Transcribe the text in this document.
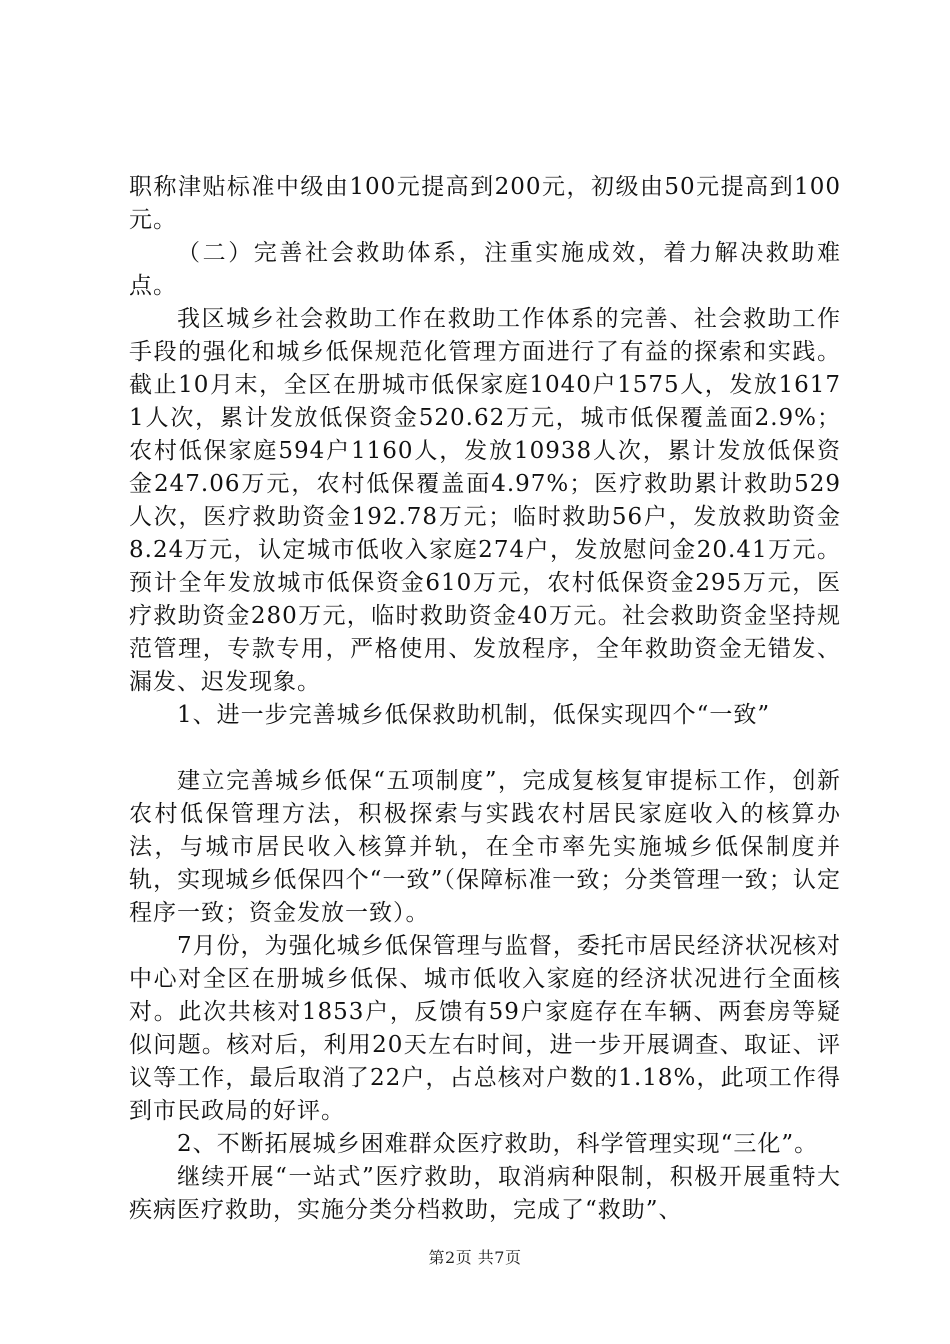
职称津贴标准中级由100元提高到200元，初级由50元提高到100元。

（二）完善社会救助体系，注重实施成效，着力解决救助难点。

我区城乡社会救助工作在救助工作体系的完善、社会救助工作手段的强化和城乡低保规范化管理方面进行了有益的探索和实践。截止10月末，全区在册城市低保家庭1040户1575人，发放16171人次，累计发放低保资金520.62万元，城市低保覆盖面2.9%；农村低保家庭594户1160人，发放10938人次，累计发放低保资金247.06万元，农村低保覆盖面4.97%；医疗救助累计救助529人次，医疗救助资金192.78万元；临时救助56户，发放救助资金8.24万元，认定城市低收入家庭274户，发放慰问金20.41万元。预计全年发放城市低保资金610万元，农村低保资金295万元，医疗救助资金280万元，临时救助资金40万元。社会救助资金坚持规范管理，专款专用，严格使用、发放程序，全年救助资金无错发、漏发、迟发现象。

1、进一步完善城乡低保救助机制，低保实现四个“一致”

建立完善城乡低保“五项制度”，完成复核复审提标工作，创新农村低保管理方法，积极探索与实践农村居民家庭收入的核算办法，与城市居民收入核算并轨，在全市率先实施城乡低保制度并轨，实现城乡低保四个“一致”（保障标准一致；分类管理一致；认定程序一致；资金发放一致）。

7月份，为强化城乡低保管理与监督，委托市居民经济状况核对中心对全区在册城乡低保、城市低收入家庭的经济状况进行全面核对。此次共核对1853户，反馈有59户家庭存在车辆、两套房等疑似问题。核对后，利用20天左右时间，进一步开展调查、取证、评议等工作，最后取消了22户，占总核对户数的1.18%，此项工作得到市民政局的好评。

2、不断拓展城乡困难群众医疗救助，科学管理实现“三化”。

继续开展“一站式”医疗救助，取消病种限制，积极开展重特大疾病医疗救助，实施分类分档救助，完成了“救助”、

第2页 共7页
